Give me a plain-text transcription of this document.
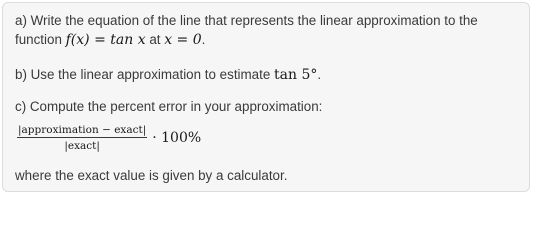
a) Write the equation of the line that represents the linear approximation to the function f(x) = tan x at x = 0.

b) Use the linear approximation to estimate tan 5°.

c) Compute the percent error in your approximation:

$\frac{\text{|approximation − exact|}}{\text{|exact|}} \cdot 100\%$

where the exact value is given by a calculator.
